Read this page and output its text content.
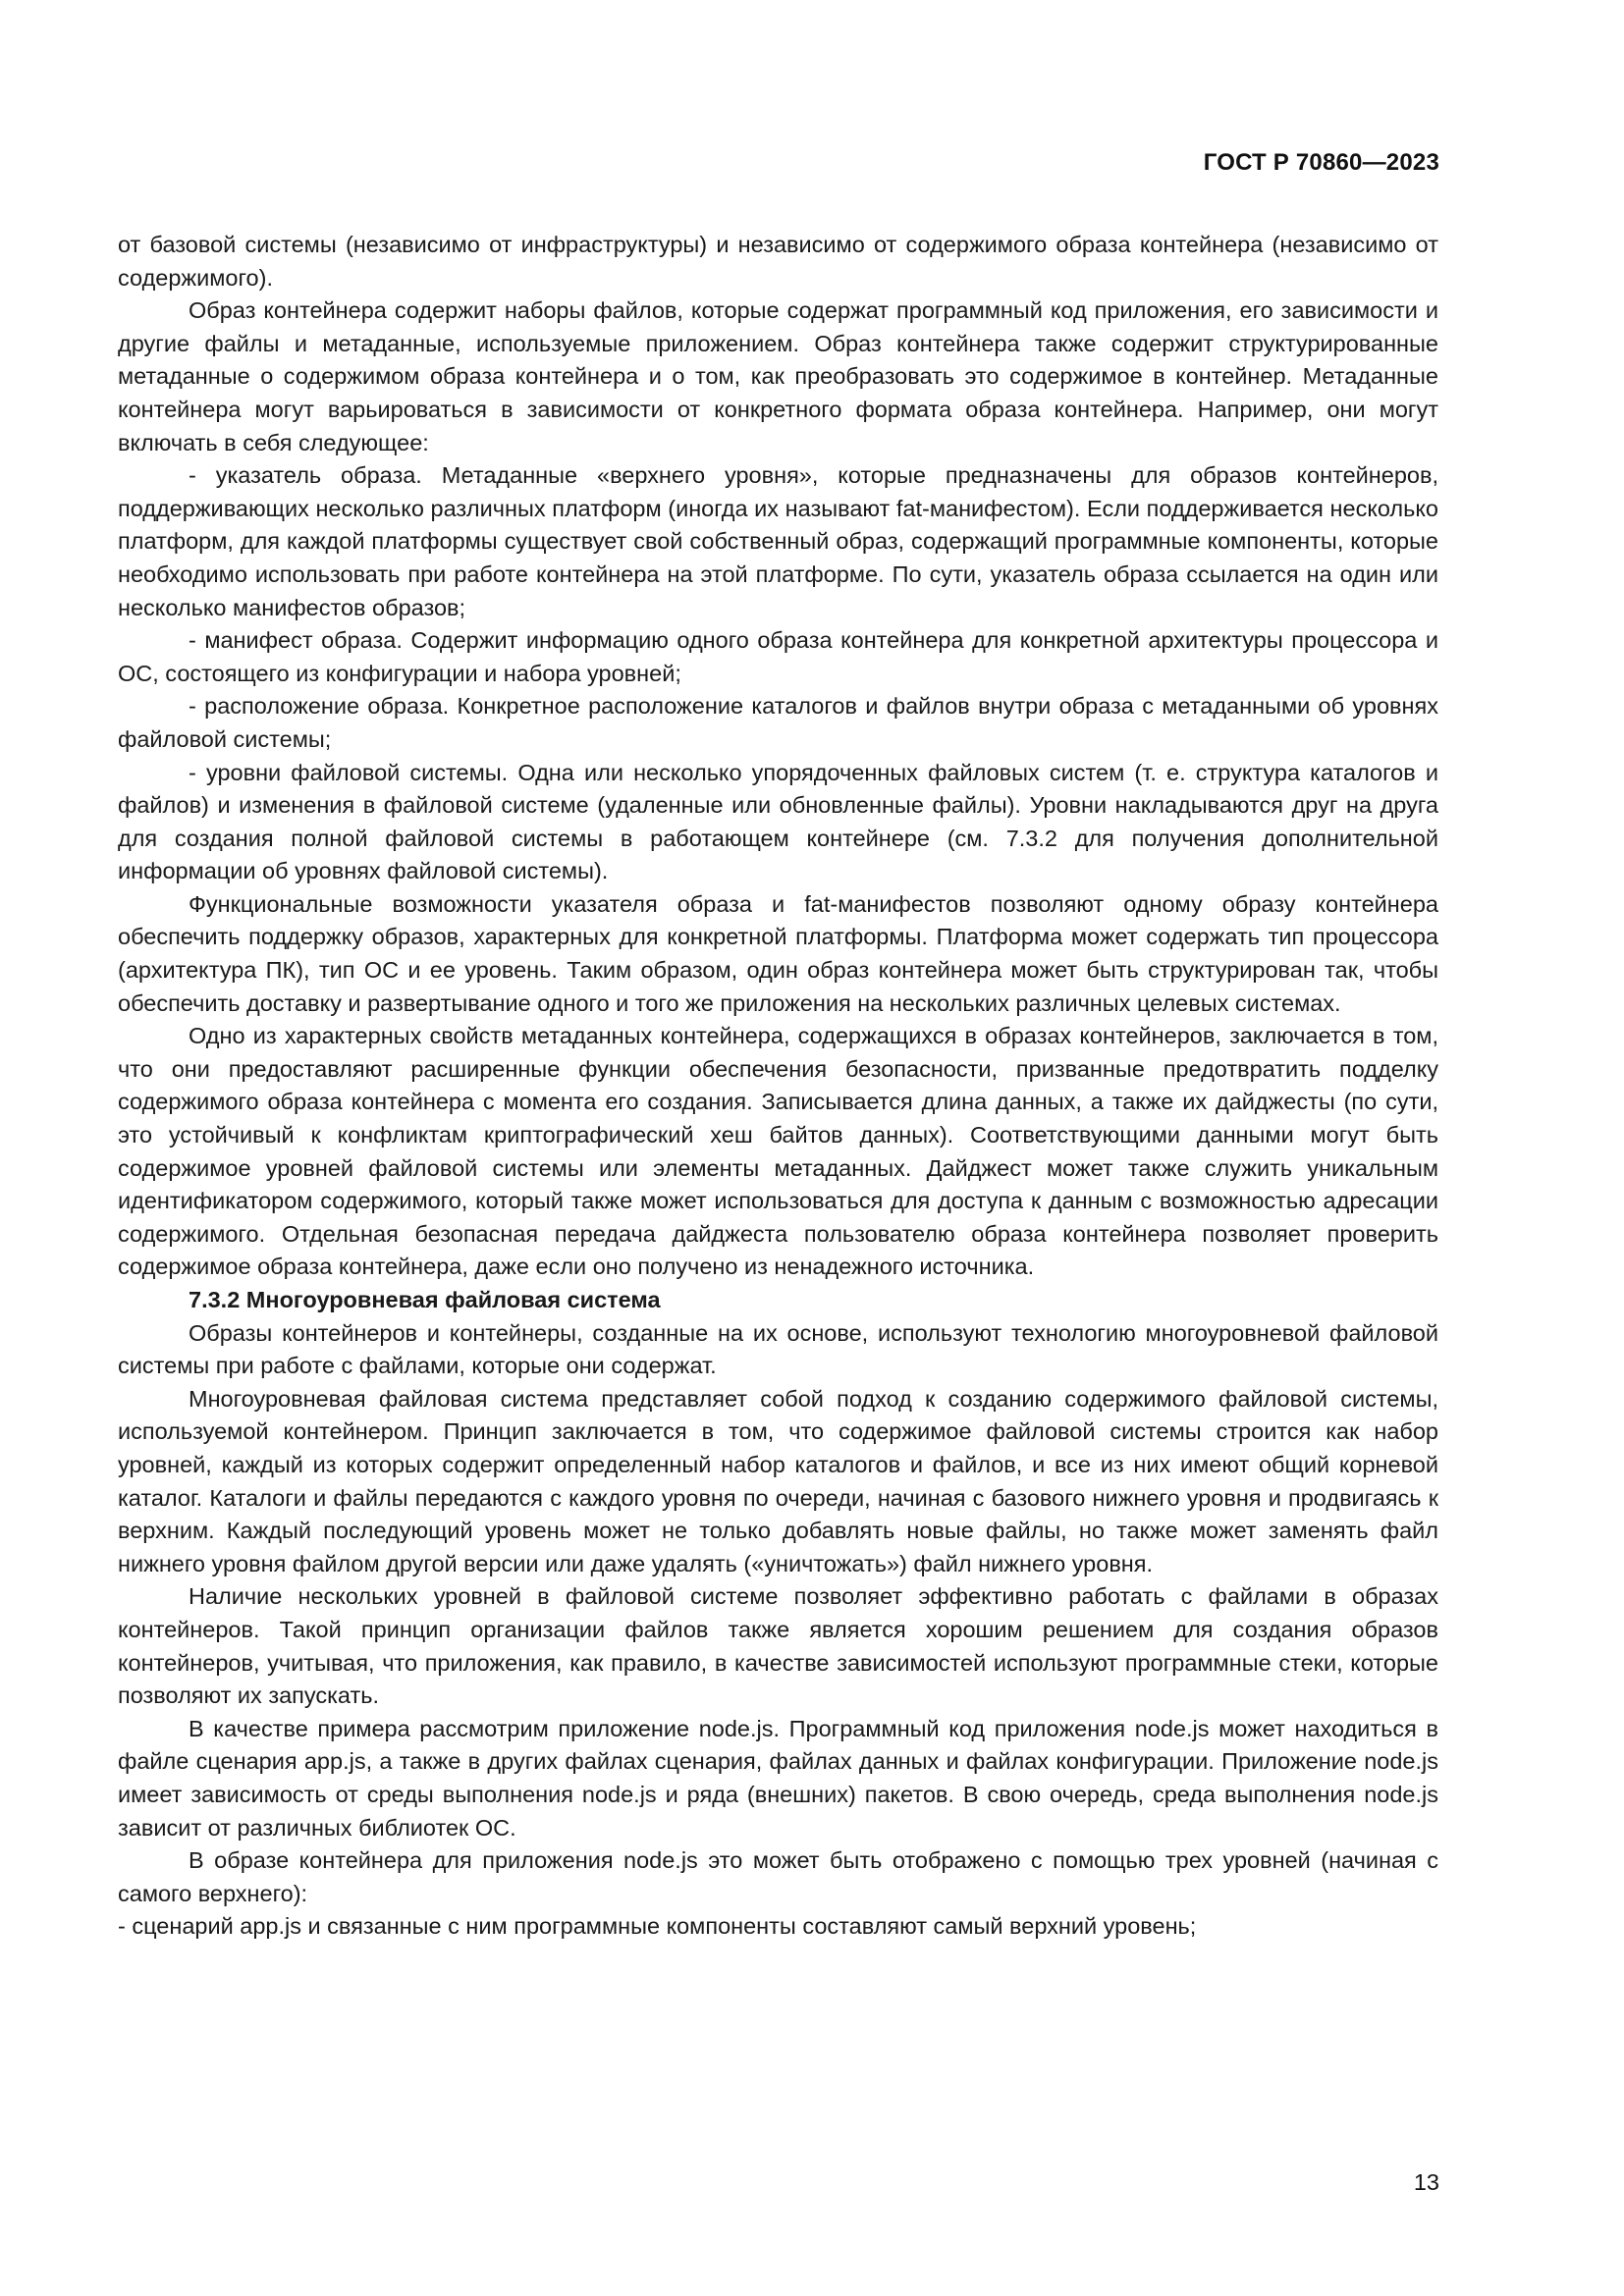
ГОСТ Р 70860—2023

от базовой системы (независимо от инфраструктуры) и независимо от содержимого образа контейнера (независимо от содержимого).

Образ контейнера содержит наборы файлов, которые содержат программный код приложения, его зависимости и другие файлы и метаданные, используемые приложением. Образ контейнера также содержит структурированные метаданные о содержимом образа контейнера и о том, как преобразовать это содержимое в контейнер. Метаданные контейнера могут варьироваться в зависимости от конкретного формата образа контейнера. Например, они могут включать в себя следующее:

- указатель образа. Метаданные «верхнего уровня», которые предназначены для образов контейнеров, поддерживающих несколько различных платформ (иногда их называют fat-манифестом). Если поддерживается несколько платформ, для каждой платформы существует свой собственный образ, содержащий программные компоненты, которые необходимо использовать при работе контейнера на этой платформе. По сути, указатель образа ссылается на один или несколько манифестов образов;

- манифест образа. Содержит информацию одного образа контейнера для конкретной архитектуры процессора и ОС, состоящего из конфигурации и набора уровней;

- расположение образа. Конкретное расположение каталогов и файлов внутри образа с метаданными об уровнях файловой системы;

- уровни файловой системы. Одна или несколько упорядоченных файловых систем (т. е. структура каталогов и файлов) и изменения в файловой системе (удаленные или обновленные файлы). Уровни накладываются друг на друга для создания полной файловой системы в работающем контейнере (см. 7.3.2 для получения дополнительной информации об уровнях файловой системы).

Функциональные возможности указателя образа и fat-манифестов позволяют одному образу контейнера обеспечить поддержку образов, характерных для конкретной платформы. Платформа может содержать тип процессора (архитектура ПК), тип ОС и ее уровень. Таким образом, один образ контейнера может быть структурирован так, чтобы обеспечить доставку и развертывание одного и того же приложения на нескольких различных целевых системах.

Одно из характерных свойств метаданных контейнера, содержащихся в образах контейнеров, заключается в том, что они предоставляют расширенные функции обеспечения безопасности, призванные предотвратить подделку содержимого образа контейнера с момента его создания. Записывается длина данных, а также их дайджесты (по сути, это устойчивый к конфликтам криптографический хеш байтов данных). Соответствующими данными могут быть содержимое уровней файловой системы или элементы метаданных. Дайджест может также служить уникальным идентификатором содержимого, который также может использоваться для доступа к данным с возможностью адресации содержимого. Отдельная безопасная передача дайджеста пользователю образа контейнера позволяет проверить содержимое образа контейнера, даже если оно получено из ненадежного источника.

7.3.2 Многоуровневая файловая система

Образы контейнеров и контейнеры, созданные на их основе, используют технологию многоуровневой файловой системы при работе с файлами, которые они содержат.

Многоуровневая файловая система представляет собой подход к созданию содержимого файловой системы, используемой контейнером. Принцип заключается в том, что содержимое файловой системы строится как набор уровней, каждый из которых содержит определенный набор каталогов и файлов, и все из них имеют общий корневой каталог. Каталоги и файлы передаются с каждого уровня по очереди, начиная с базового нижнего уровня и продвигаясь к верхним. Каждый последующий уровень может не только добавлять новые файлы, но также может заменять файл нижнего уровня файлом другой версии или даже удалять («уничтожать») файл нижнего уровня.

Наличие нескольких уровней в файловой системе позволяет эффективно работать с файлами в образах контейнеров. Такой принцип организации файлов также является хорошим решением для создания образов контейнеров, учитывая, что приложения, как правило, в качестве зависимостей используют программные стеки, которые позволяют их запускать.

В качестве примера рассмотрим приложение node.js. Программный код приложения node.js может находиться в файле сценария app.js, а также в других файлах сценария, файлах данных и файлах конфигурации. Приложение node.js имеет зависимость от среды выполнения node.js и ряда (внешних) пакетов. В свою очередь, среда выполнения node.js зависит от различных библиотек ОС.

В образе контейнера для приложения node.js это может быть отображено с помощью трех уровней (начиная с самого верхнего):

- сценарий app.js и связанные с ним программные компоненты составляют самый верхний уровень;

13
